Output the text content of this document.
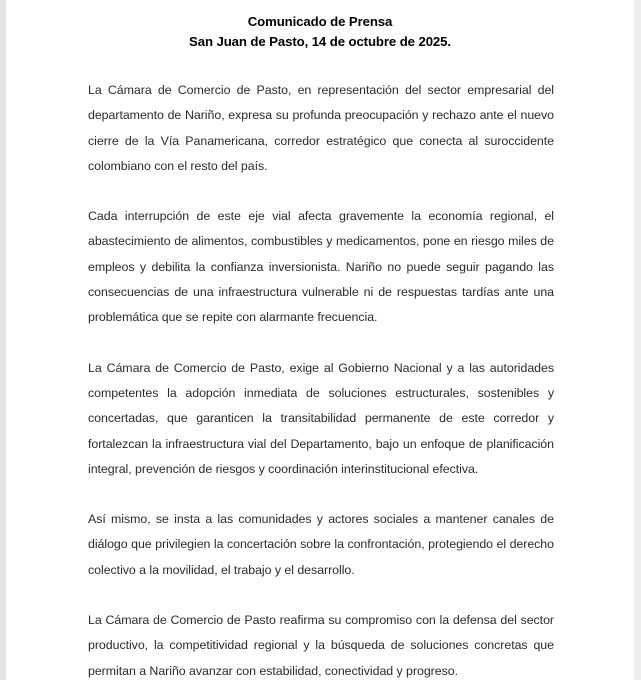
Comunicado de Prensa
San Juan de Pasto, 14 de octubre de 2025.

La Cámara de Comercio de Pasto, en representación del sector empresarial del departamento de Nariño, expresa su profunda preocupación y rechazo ante el nuevo cierre de la Vía Panamericana, corredor estratégico que conecta al suroccidente colombiano con el resto del país.

Cada interrupción de este eje vial afecta gravemente la economía regional, el abastecimiento de alimentos, combustibles y medicamentos, pone en riesgo miles de empleos y debilita la confianza inversionista. Nariño no puede seguir pagando las consecuencias de una infraestructura vulnerable ni de respuestas tardías ante una problemática que se repite con alarmante frecuencia.

La Cámara de Comercio de Pasto, exige al Gobierno Nacional y a las autoridades competentes la adopción inmediata de soluciones estructurales, sostenibles y concertadas, que garanticen la transitabilidad permanente de este corredor y fortalezcan la infraestructura vial del Departamento, bajo un enfoque de planificación integral, prevención de riesgos y coordinación interinstitucional efectiva.

Así mismo, se insta a las comunidades y actores sociales a mantener canales de diálogo que privilegien la concertación sobre la confrontación, protegiendo el derecho colectivo a la movilidad, el trabajo y el desarrollo.

La Cámara de Comercio de Pasto reafirma su compromiso con la defensa del sector productivo, la competitividad regional y la búsqueda de soluciones concretas que permitan a Nariño avanzar con estabilidad, conectividad y progreso.
